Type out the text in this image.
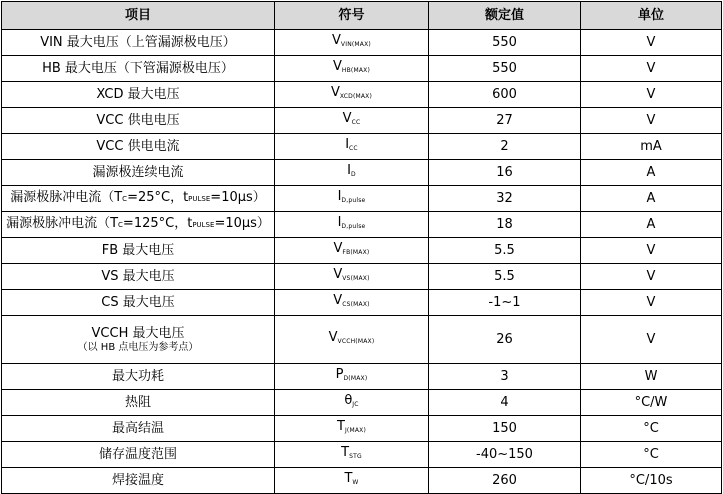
项目	符号	额定值	单位
VIN 最大电压（上管漏源极电压）	$V_{VIN(MAX)}$	550	V
HB 最大电压（下管漏源极电压）	$V_{HB(MAX)}$	550	V
XCD 最大电压	$V_{XCD(MAX)}$	600	V
VCC 供电电压	$V_{CC}$	27	V
VCC 供电电流	$I_{CC}$	2	mA
漏源极连续电流	$I_D$	16	A
漏源极脉冲电流（TC=25°C，tPULSE=10μs）	$I_{D,pulse}$	32	A
漏源极脉冲电流（TC=125°C，tPULSE=10μs）	$I_{D,pulse}$	18	A
FB 最大电压	$V_{FB(MAX)}$	5.5	V
VS 最大电压	$V_{VS(MAX)}$	5.5	V
CS 最大电压	$V_{CS(MAX)}$	-1~1	V
VCCH 最大电压
（以 HB 点电压为参考点）	$V_{VCCH(MAX)}$	26	V
最大功耗	$P_{D(MAX)}$	3	W
热阻	$\theta_{JC}$	4	°C/W
最高结温	$T_{J(MAX)}$	150	°C
储存温度范围	$T_{STG}$	-40~150	°C
焊接温度	$T_W$	260	°C/10s
